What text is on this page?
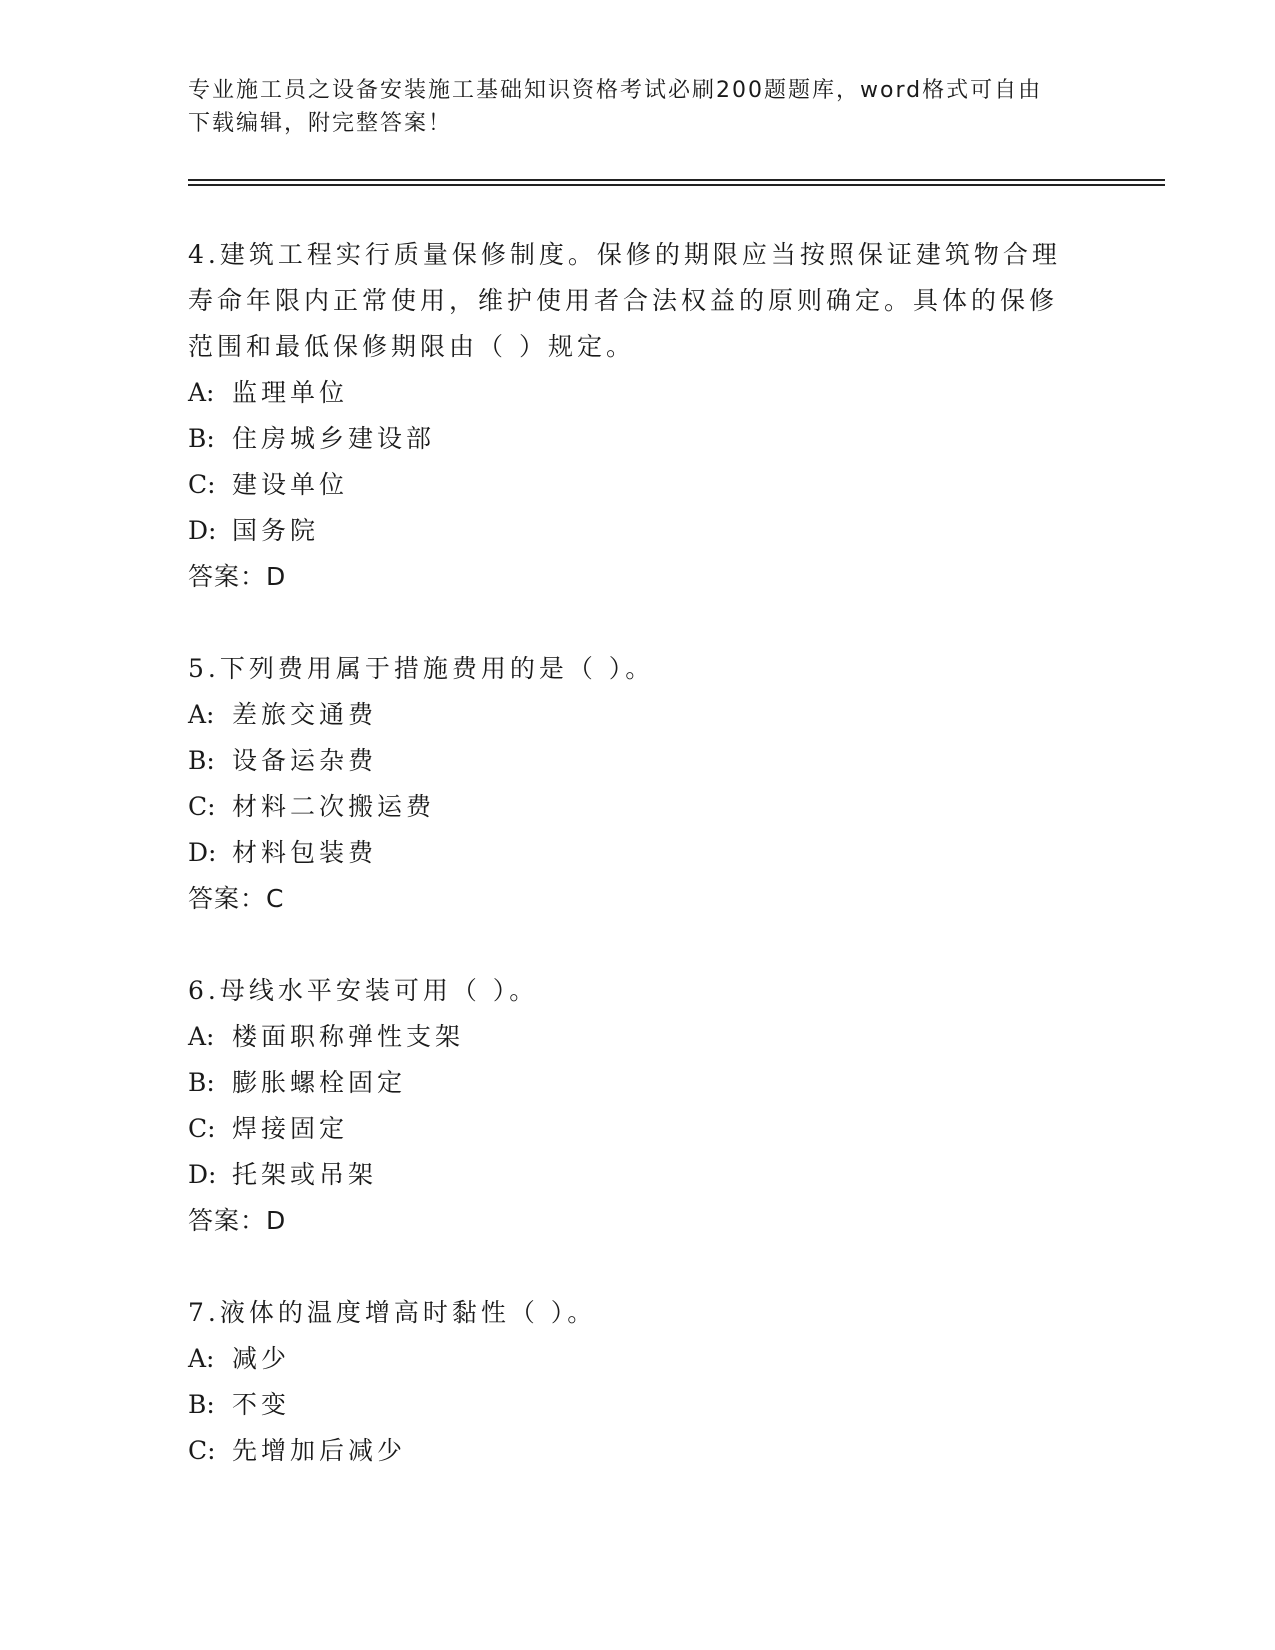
专业施工员之设备安装施工基础知识资格考试必刷200题题库，word格式可自由
下载编辑，附完整答案！

4.建筑工程实行质量保修制度。保修的期限应当按照保证建筑物合理寿命年限内正常使用，维护使用者合法权益的原则确定。具体的保修范围和最低保修期限由（ ）规定。

A: 监理单位
B: 住房城乡建设部
C: 建设单位
D: 国务院
答案：D

5.下列费用属于措施费用的是（ ）。

A: 差旅交通费
B: 设备运杂费
C: 材料二次搬运费
D: 材料包装费
答案：C

6.母线水平安装可用（ ）。

A: 楼面职称弹性支架
B: 膨胀螺栓固定
C: 焊接固定
D: 托架或吊架
答案：D

7.液体的温度增高时黏性（ ）。

A: 减少
B: 不变
C: 先增加后减少
